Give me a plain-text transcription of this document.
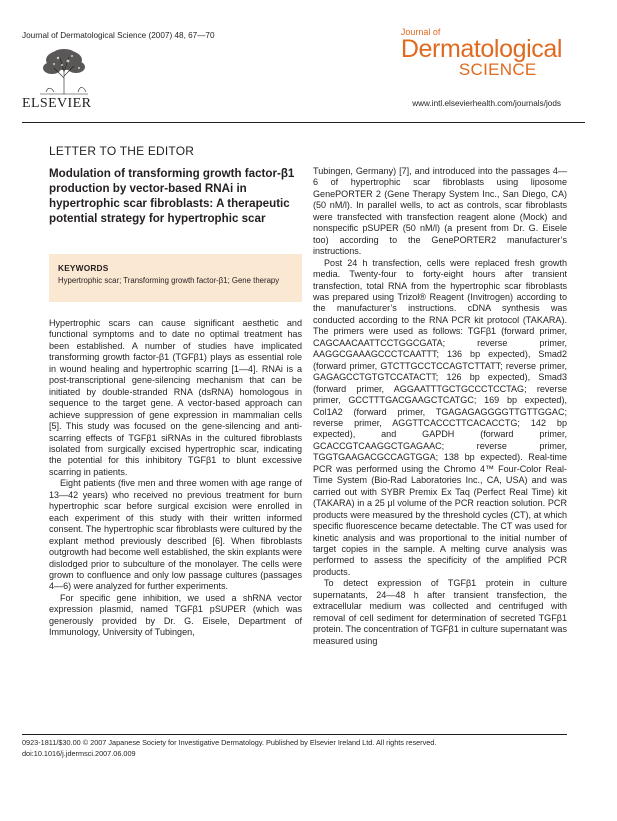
Journal of Dermatological Science (2007) 48, 67—70
ELSEVIER
Journal of
Dermatological
SCIENCE
www.intl.elsevierhealth.com/journals/jods
LETTER TO THE EDITOR
Modulation of transforming growth factor-β1 production by vector-based RNAi in hypertrophic scar fibroblasts: A therapeutic potential strategy for hypertrophic scar
KEYWORDS
Hypertrophic scar; Transforming growth factor-β1; Gene therapy

Hypertrophic scars can cause significant aesthetic and functional symptoms and to date no optimal treatment has been established. A number of studies have implicated transforming growth factor-β1 (TGFβ1) plays as essential role in wound healing and hypertrophic scarring [1—4]. RNAi is a post-transcriptional gene-silencing mechanism that can be initiated by double-stranded RNA (dsRNA) homologous in sequence to the target gene. A vector-based approach can achieve suppression of gene expression in mammalian cells [5]. This study was focused on the gene-silencing and anti-scarring effects of TGFβ1 siRNAs in the cultured fibroblasts isolated from surgically excised hypertrophic scar, indicating the potential for this inhibitory TGFβ1 to blunt excessive scarring in patients.

Eight patients (five men and three women with age range of 13—42 years) who received no previous treatment for burn hypertrophic scar before surgical excision were enrolled in each experiment of this study with their written informed consent. The hypertrophic scar fibroblasts were cultured by the explant method previously described [6]. When fibroblasts outgrowth had become well established, the skin explants were dislodged prior to subculture of the monolayer. The cells were grown to confluence and only low passage cultures (passages 4—6) were analyzed for further experiments.

For specific gene inhibition, we used a shRNA vector expression plasmid, named TGFβ1 pSUPER (which was generously provided by Dr. G. Eisele, Department of Immunology, University of Tubingen,

Tubingen, Germany) [7], and introduced into the passages 4—6 of hypertrophic scar fibroblasts using liposome GenePORTER 2 (Gene Therapy System Inc., San Diego, CA) (50 nM/l). In parallel wells, to act as controls, scar fibroblasts were transfected with transfection reagent alone (Mock) and nonspecific pSUPER (50 nM/l) (a present from Dr. G. Eisele too) according to the GenePORTER2 manufacturer’s instructions.

Post 24 h transfection, cells were replaced fresh growth media. Twenty-four to forty-eight hours after transient transfection, total RNA from the hypertrophic scar fibroblasts was prepared using Trizol® Reagent (Invitrogen) according to the manufacturer’s instructions. cDNA synthesis was conducted according to the RNA PCR kit protocol (TAKARA). The primers were used as follows: TGFβ1 (forward primer, CAGCAACAATTCCTGGCGATA; reverse primer, AAGGCGAAAGCCCTCAATTT; 136 bp expected), Smad2 (forward primer, GTCTTGCCTCCAGTCTTATT; reverse primer, GAGAGCCTGTGTCCATACTT; 126 bp expected), Smad3 (forward primer, AGGAATTTGCTGCCCTCCTAG; reverse primer, GCCTTTGACGAAGCTCATGC; 169 bp expected), Col1A2 (forward primer, TGAGAGAGGGGTTGTTGGAC; reverse primer, AGGTTCACCCTTCACACCTG; 142 bp expected), and GAPDH (forward primer, GCACCGTCAAGGCTGAGAAC; reverse primer, TGGTGAAGACGCCAGTGGA; 138 bp expected). Real-time PCR was performed using the Chromo 4™ Four-Color Real-Time System (Bio-Rad Laboratories Inc., CA, USA) and was carried out with SYBR Premix Ex Taq (Perfect Real Time) kit (TAKARA) in a 25 μl volume of the PCR reaction solution. PCR products were measured by the threshold cycles (CT), at which specific fluorescence became detectable. The CT was used for kinetic analysis and was proportional to the initial number of target copies in the sample. A melting curve analysis was performed to assess the specificity of the amplified PCR products.

To detect expression of TGFβ1 protein in culture supernatants, 24—48 h after transient transfection, the extracellular medium was collected and centrifuged with removal of cell sediment for determination of secreted TGFβ1 protein. The concentration of TGFβ1 in culture supernatant was measured using

0923-1811/$30.00 © 2007 Japanese Society for Investigative Dermatology. Published by Elsevier Ireland Ltd. All rights reserved.
doi:10.1016/j.jdermsci.2007.06.009
